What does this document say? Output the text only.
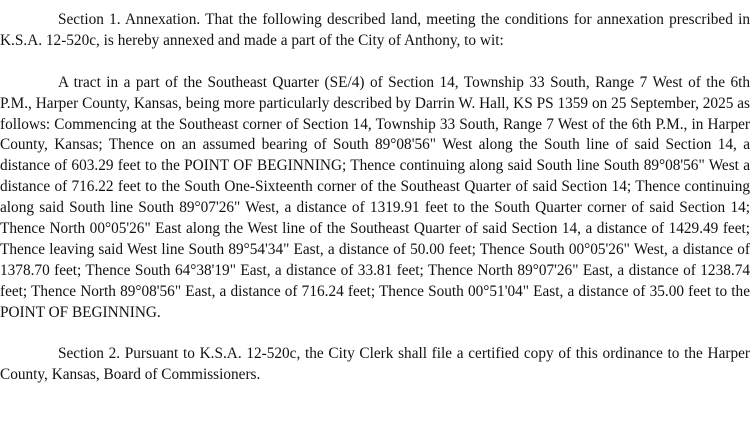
Section 1. Annexation. That the following described land, meeting the conditions for annexation prescribed in K.S.A. 12-520c, is hereby annexed and made a part of the City of Anthony, to wit:

A tract in a part of the Southeast Quarter (SE/4) of Section 14, Township 33 South, Range 7 West of the 6th P.M., Harper County, Kansas, being more particularly described by Darrin W. Hall, KS PS 1359 on 25 September, 2025 as follows: Commencing at the Southeast corner of Section 14, Township 33 South, Range 7 West of the 6th P.M., in Harper County, Kansas; Thence on an assumed bearing of South 89°08'56" West along the South line of said Section 14, a distance of 603.29 feet to the POINT OF BEGINNING; Thence continuing along said South line South 89°08'56" West a distance of 716.22 feet to the South One-Sixteenth corner of the Southeast Quarter of said Section 14; Thence continuing along said South line South 89°07'26" West, a distance of 1319.91 feet to the South Quarter corner of said Section 14; Thence North 00°05'26" East along the West line of the Southeast Quarter of said Section 14, a distance of 1429.49 feet; Thence leaving said West line South 89°54'34" East, a distance of 50.00 feet; Thence South 00°05'26" West, a distance of 1378.70 feet; Thence South 64°38'19" East, a distance of 33.81 feet; Thence North 89°07'26" East, a distance of 1238.74 feet; Thence North 89°08'56" East, a distance of 716.24 feet; Thence South 00°51'04" East, a distance of 35.00 feet to the POINT OF BEGINNING.

Section 2. Pursuant to K.S.A. 12-520c, the City Clerk shall file a certified copy of this ordinance to the Harper County, Kansas, Board of Commissioners.
